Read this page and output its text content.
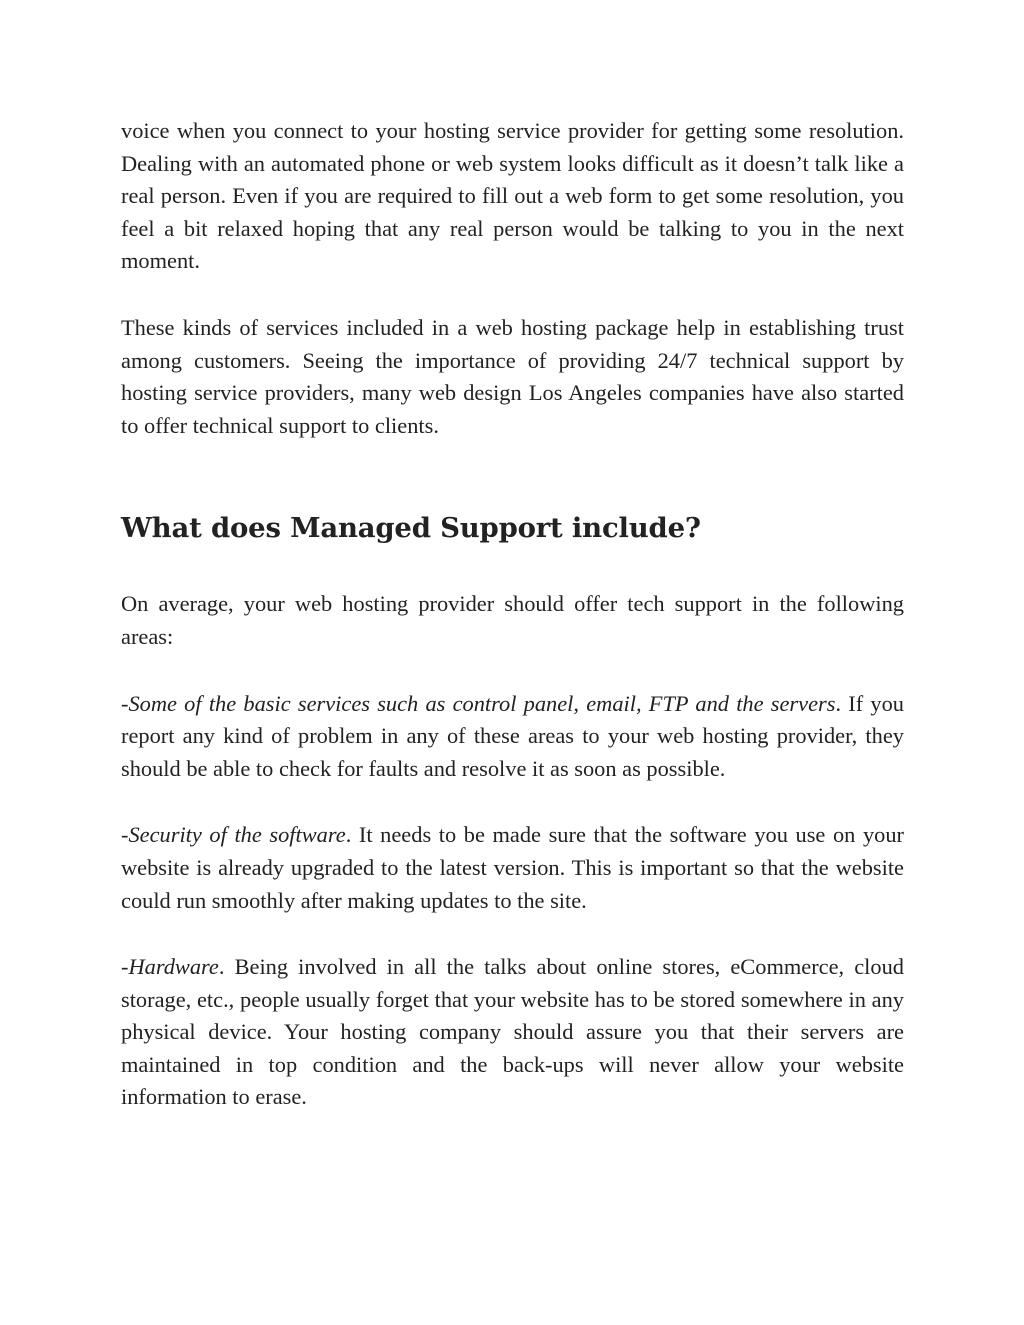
voice when you connect to your hosting service provider for getting some resolution. Dealing with an automated phone or web system looks difficult as it doesn’t talk like a real person. Even if you are required to fill out a web form to get some resolution, you feel a bit relaxed hoping that any real person would be talking to you in the next moment.

These kinds of services included in a web hosting package help in establishing trust among customers. Seeing the importance of providing 24/7 technical support by hosting service providers, many web design Los Angeles companies have also started to offer technical support to clients.

What does Managed Support include?

On average, your web hosting provider should offer tech support in the following areas:

-Some of the basic services such as control panel, email, FTP and the servers. If you report any kind of problem in any of these areas to your web hosting provider, they should be able to check for faults and resolve it as soon as possible.

-Security of the software. It needs to be made sure that the software you use on your website is already upgraded to the latest version. This is important so that the website could run smoothly after making updates to the site.

-Hardware. Being involved in all the talks about online stores, eCommerce, cloud storage, etc., people usually forget that your website has to be stored somewhere in any physical device. Your hosting company should assure you that their servers are maintained in top condition and the back-ups will never allow your website information to erase.
